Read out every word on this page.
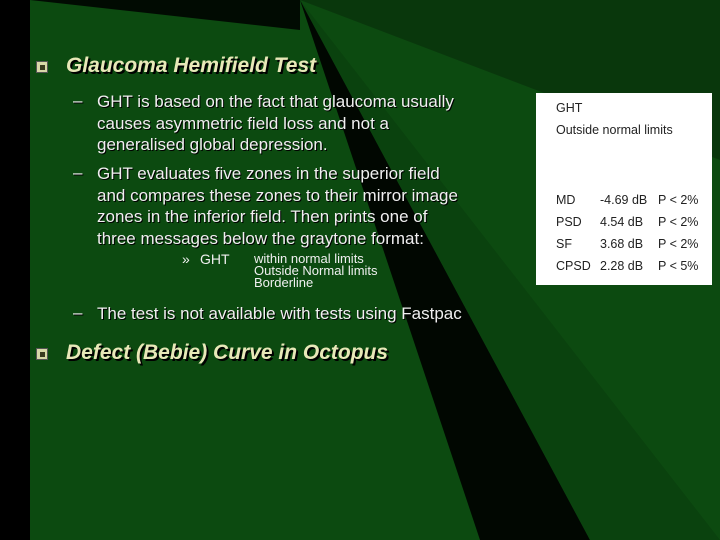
Glaucoma Hemifield Test
– GHT is based on the fact that glaucoma usually
causes asymmetric field loss and not a
generalised global depression.
– GHT evaluates five zones in the superior field
and compares these zones to their mirror image
zones in the inferior field. Then prints one of
three messages below the graytone format:
» GHT within normal limits
Outside Normal limits
Borderline
– The test is not available with tests using Fastpac
Defect (Bebie) Curve in Octopus
GHT
Outside normal limits
MD -4.69 dB P < 2%
PSD 4.54 dB P < 2%
SF 3.68 dB P < 2%
CPSD 2.28 dB P < 5%
